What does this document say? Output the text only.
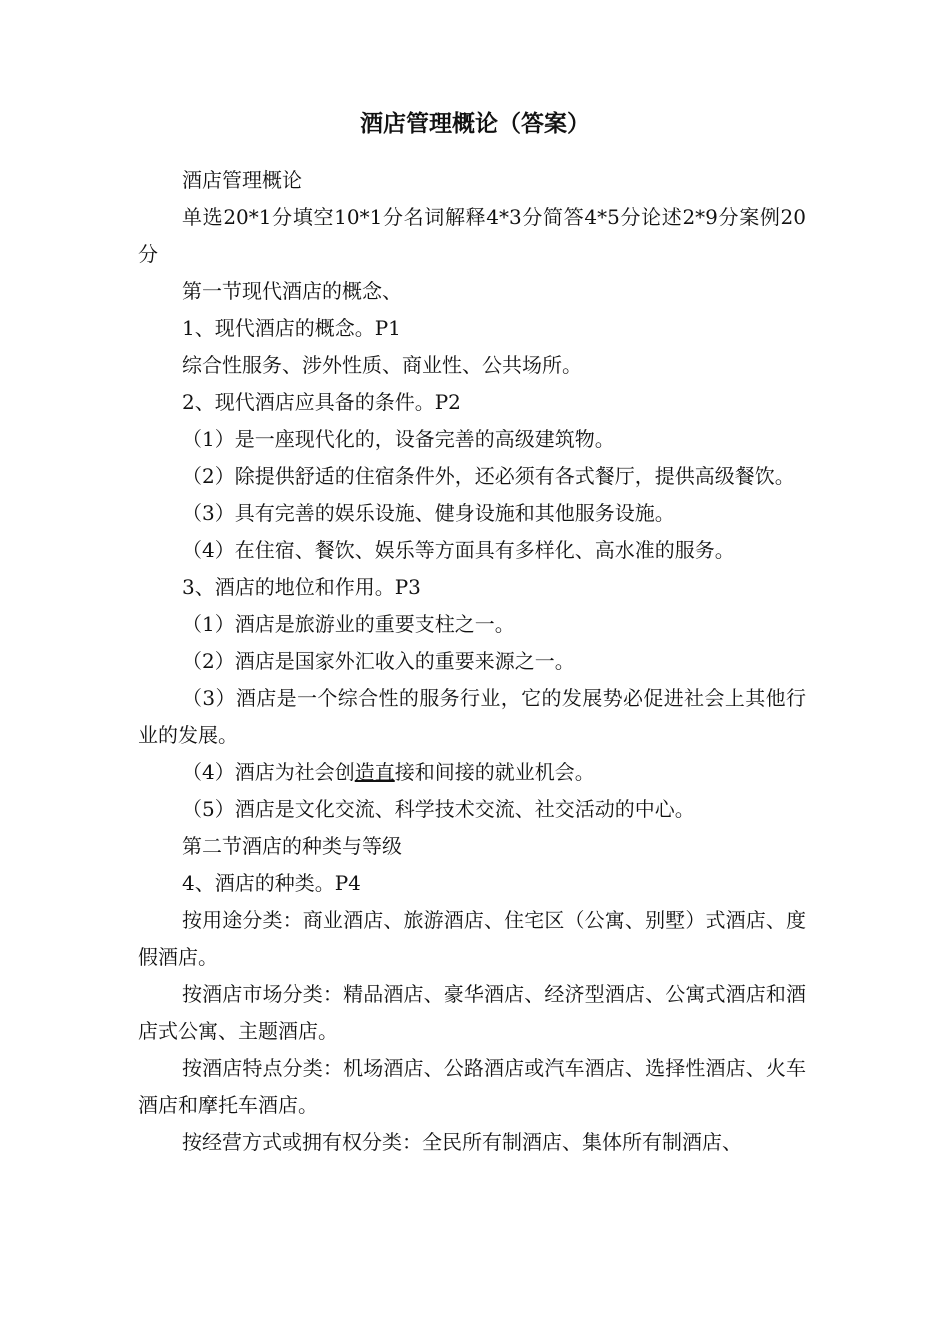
酒店管理概论（答案）

酒店管理概论

单选20*1分填空10*1分名词解释4*3分简答4*5分论述2*9分案例20分

第一节现代酒店的概念、

1、现代酒店的概念。P1

综合性服务、涉外性质、商业性、公共场所。

2、现代酒店应具备的条件。P2

（1）是一座现代化的，设备完善的高级建筑物。

（2）除提供舒适的住宿条件外，还必须有各式餐厅，提供高级餐饮。

（3）具有完善的娱乐设施、健身设施和其他服务设施。

（4）在住宿、餐饮、娱乐等方面具有多样化、高水准的服务。

3、酒店的地位和作用。P3

（1）酒店是旅游业的重要支柱之一。

（2）酒店是国家外汇收入的重要来源之一。

（3）酒店是一个综合性的服务行业，它的发展势必促进社会上其他行业的发展。

（4）酒店为社会创造直接和间接的就业机会。

（5）酒店是文化交流、科学技术交流、社交活动的中心。

第二节酒店的种类与等级

4、酒店的种类。P4

按用途分类：商业酒店、旅游酒店、住宅区（公寓、别墅）式酒店、度假酒店。

按酒店市场分类：精品酒店、豪华酒店、经济型酒店、公寓式酒店和酒店式公寓、主题酒店。

按酒店特点分类：机场酒店、公路酒店或汽车酒店、选择性酒店、火车酒店和摩托车酒店。

按经营方式或拥有权分类：全民所有制酒店、集体所有制酒店、
